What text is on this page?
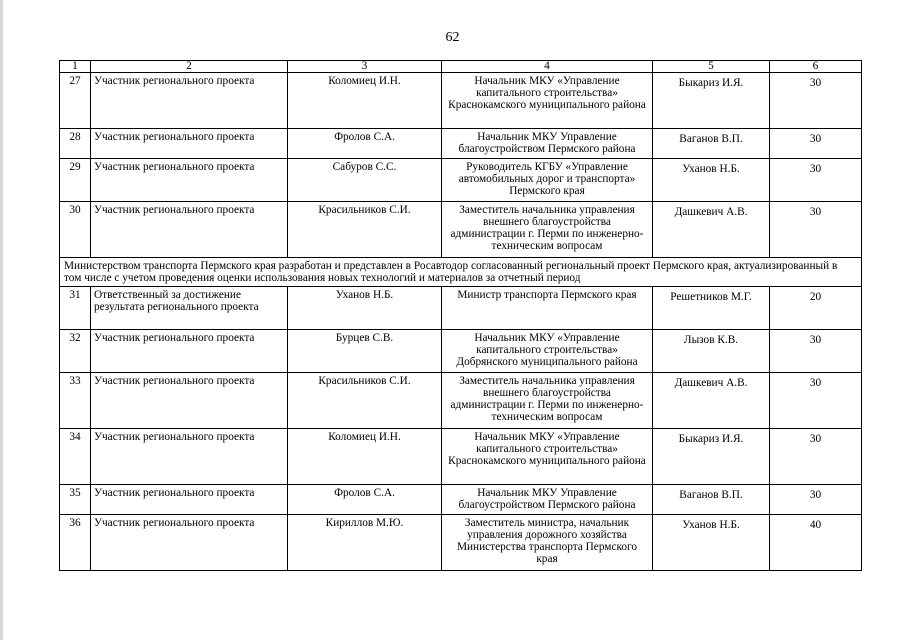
62
1	2	3	4	5	6
27	Участник регионального проекта	Коломиец И.Н.	Начальник МКУ «Управление капитального строительства» Краснокамского муниципального района	Быкариз И.Я.	30
28	Участник регионального проекта	Фролов С.А.	Начальник МКУ Управление благоустройством Пермского района	Ваганов В.П.	30
29	Участник регионального проекта	Сабуров С.С.	Руководитель КГБУ «Управление автомобильных дорог и транспорта» Пермского края	Уханов Н.Б.	30
30	Участник регионального проекта	Красильников С.И.	Заместитель начальника управления внешнего благоустройства администрации г. Перми по инженерно-техническим вопросам	Дашкевич А.В.	30
Министерством транспорта Пермского края разработан и представлен в Росавтодор согласованный региональный проект Пермского края, актуализированный в том числе с учетом проведения оценки использования новых технологий и материалов за отчетный период					
31	Ответственный за достижение результата регионального проекта	Уханов Н.Б.	Министр транспорта Пермского края	Решетников М.Г.	20
32	Участник регионального проекта	Бурцев С.В.	Начальник МКУ «Управление капитального строительства» Добрянского муниципального района	Лызов К.В.	30
33	Участник регионального проекта	Красильников С.И.	Заместитель начальника управления внешнего благоустройства администрации г. Перми по инженерно-техническим вопросам	Дашкевич А.В.	30
34	Участник регионального проекта	Коломиец И.Н.	Начальник МКУ «Управление капитального строительства» Краснокамского муниципального района	Быкариз И.Я.	30
35	Участник регионального проекта	Фролов С.А.	Начальник МКУ Управление благоустройством Пермского района	Ваганов В.П.	30
36	Участник регионального проекта	Кириллов М.Ю.	Заместитель министра, начальник управления дорожного хозяйства Министерства транспорта Пермского края	Уханов Н.Б.	40
